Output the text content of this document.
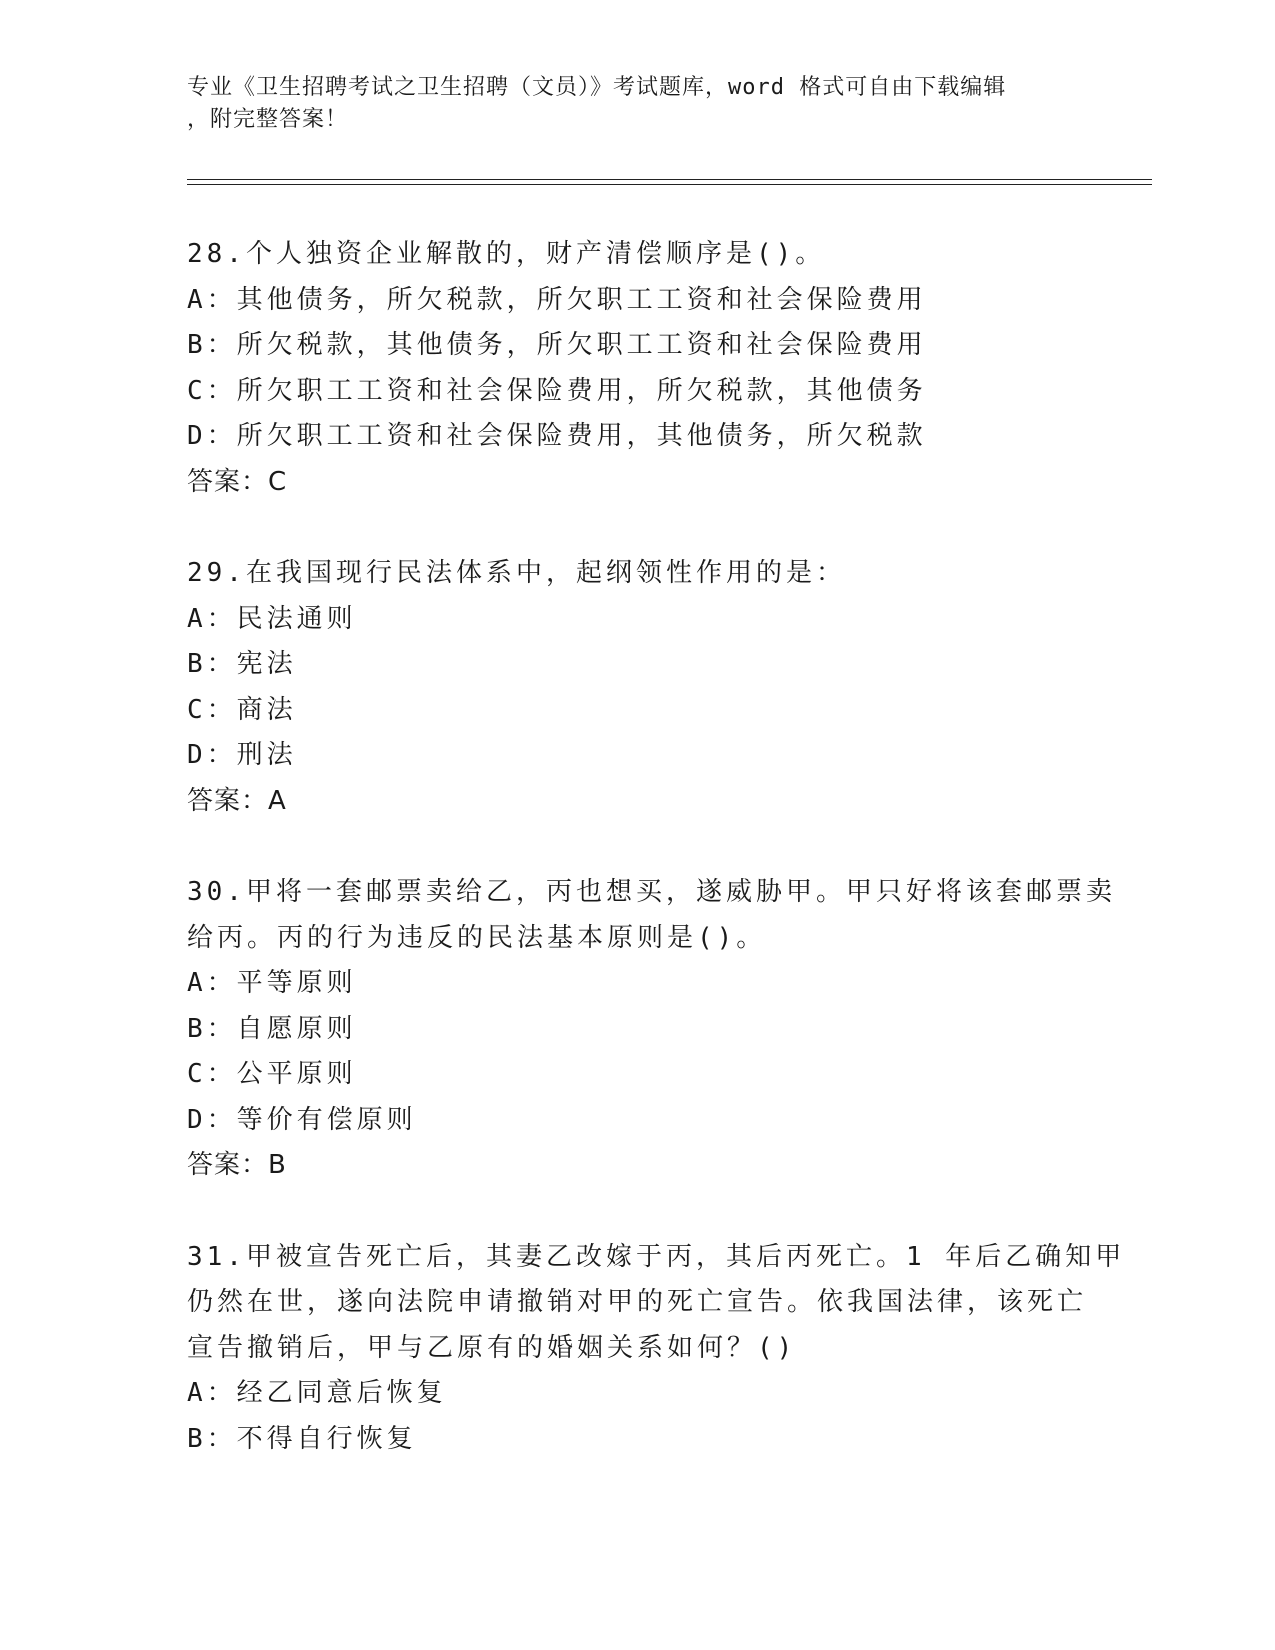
专业《卫生招聘考试之卫生招聘（文员）》考试题库，word 格式可自由下载编辑
，附完整答案！
28.个人独资企业解散的，财产清偿顺序是()。
A：其他债务，所欠税款，所欠职工工资和社会保险费用
B：所欠税款，其他债务，所欠职工工资和社会保险费用
C：所欠职工工资和社会保险费用，所欠税款，其他债务
D：所欠职工工资和社会保险费用，其他债务，所欠税款
答案：C
29.在我国现行民法体系中，起纲领性作用的是：
A：民法通则
B：宪法
C：商法
D：刑法
答案：A
30.甲将一套邮票卖给乙，丙也想买，遂威胁甲。甲只好将该套邮票卖
给丙。丙的行为违反的民法基本原则是()。
A：平等原则
B：自愿原则
C：公平原则
D：等价有偿原则
答案：B
31.甲被宣告死亡后，其妻乙改嫁于丙，其后丙死亡。1 年后乙确知甲
仍然在世，遂向法院申请撤销对甲的死亡宣告。依我国法律，该死亡
宣告撤销后，甲与乙原有的婚姻关系如何？()
A：经乙同意后恢复
B：不得自行恢复
